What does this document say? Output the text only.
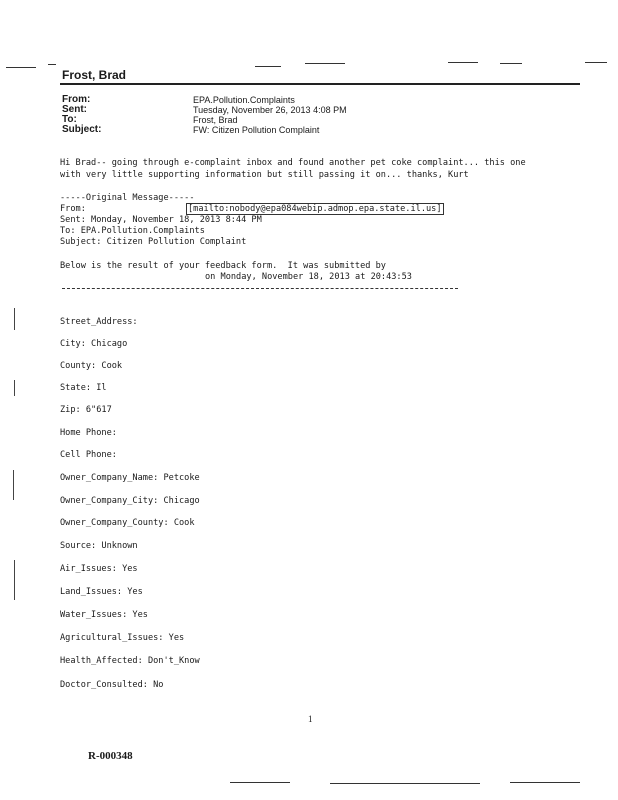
Frost, Brad
From:	EPA.Pollution.Complaints
Sent:	Tuesday, November 26, 2013 4:08 PM
To:	Frost, Brad
Subject:	FW: Citizen Pollution Complaint
Hi Brad-- going through e-complaint inbox and found another pet coke complaint... this one
with very little supporting information but still passing it on... thanks, Kurt
-----Original Message-----
From:	[mailto:nobody@epa084webip.admop.epa.state.il.us]
Sent: Monday, November 18, 2013 8:44 PM
To: EPA.Pollution.Complaints
Subject: Citizen Pollution Complaint
Below is the result of your feedback form.  It was submitted by
on Monday, November 18, 2013 at 20:43:53
Street_Address:
City: Chicago
County: Cook
State: Il
Zip: 6"617
Home Phone:
Cell Phone:
Owner_Company_Name: Petcoke
Owner_Company_City: Chicago
Owner_Company_County: Cook
Source: Unknown
Air_Issues: Yes
Land_Issues: Yes
Water_Issues: Yes
Agricultural_Issues: Yes
Health_Affected: Don't_Know
Doctor_Consulted: No
1
R-000348
